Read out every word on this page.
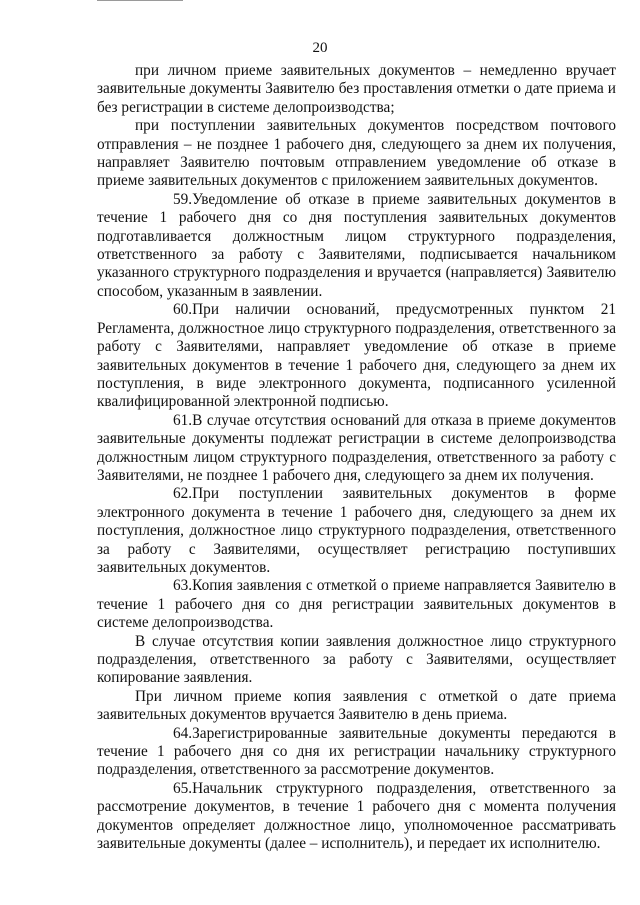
20

при личном приеме заявительных документов – немедленно вручает заявительные документы Заявителю без проставления отметки о дате приема и без регистрации в системе делопроизводства;

при поступлении заявительных документов посредством почтового отправления – не позднее 1 рабочего дня, следующего за днем их получения, направляет Заявителю почтовым отправлением уведомление об отказе в приеме заявительных документов с приложением заявительных документов.

59.Уведомление об отказе в приеме заявительных документов в течение 1 рабочего дня со дня поступления заявительных документов подготавливается должностным лицом структурного подразделения, ответственного за работу с Заявителями, подписывается начальником указанного структурного подразделения и вручается (направляется) Заявителю способом, указанным в заявлении.

60.При наличии оснований, предусмотренных пунктом 21 Регламента, должностное лицо структурного подразделения, ответственного за работу с Заявителями, направляет уведомление об отказе в приеме заявительных документов в течение 1 рабочего дня, следующего за днем их поступления, в виде электронного документа, подписанного усиленной квалифицированной электронной подписью.

61.В случае отсутствия оснований для отказа в приеме документов заявительные документы подлежат регистрации в системе делопроизводства должностным лицом структурного подразделения, ответственного за работу с Заявителями, не позднее 1 рабочего дня, следующего за днем их получения.

62.При поступлении заявительных документов в форме электронного документа в течение 1 рабочего дня, следующего за днем их поступления, должностное лицо структурного подразделения, ответственного за работу с Заявителями, осуществляет регистрацию поступивших заявительных документов.

63.Копия заявления с отметкой о приеме направляется Заявителю в течение 1 рабочего дня со дня регистрации заявительных документов в системе делопроизводства.

В случае отсутствия копии заявления должностное лицо структурного подразделения, ответственного за работу с Заявителями, осуществляет копирование заявления.

При личном приеме копия заявления с отметкой о дате приема заявительных документов вручается Заявителю в день приема.

64.Зарегистрированные заявительные документы передаются в течение 1 рабочего дня со дня их регистрации начальнику структурного подразделения, ответственного за рассмотрение документов.

65.Начальник структурного подразделения, ответственного за рассмотрение документов, в течение 1 рабочего дня с момента получения документов определяет должностное лицо, уполномоченное рассматривать заявительные документы (далее – исполнитель), и передает их исполнителю.
